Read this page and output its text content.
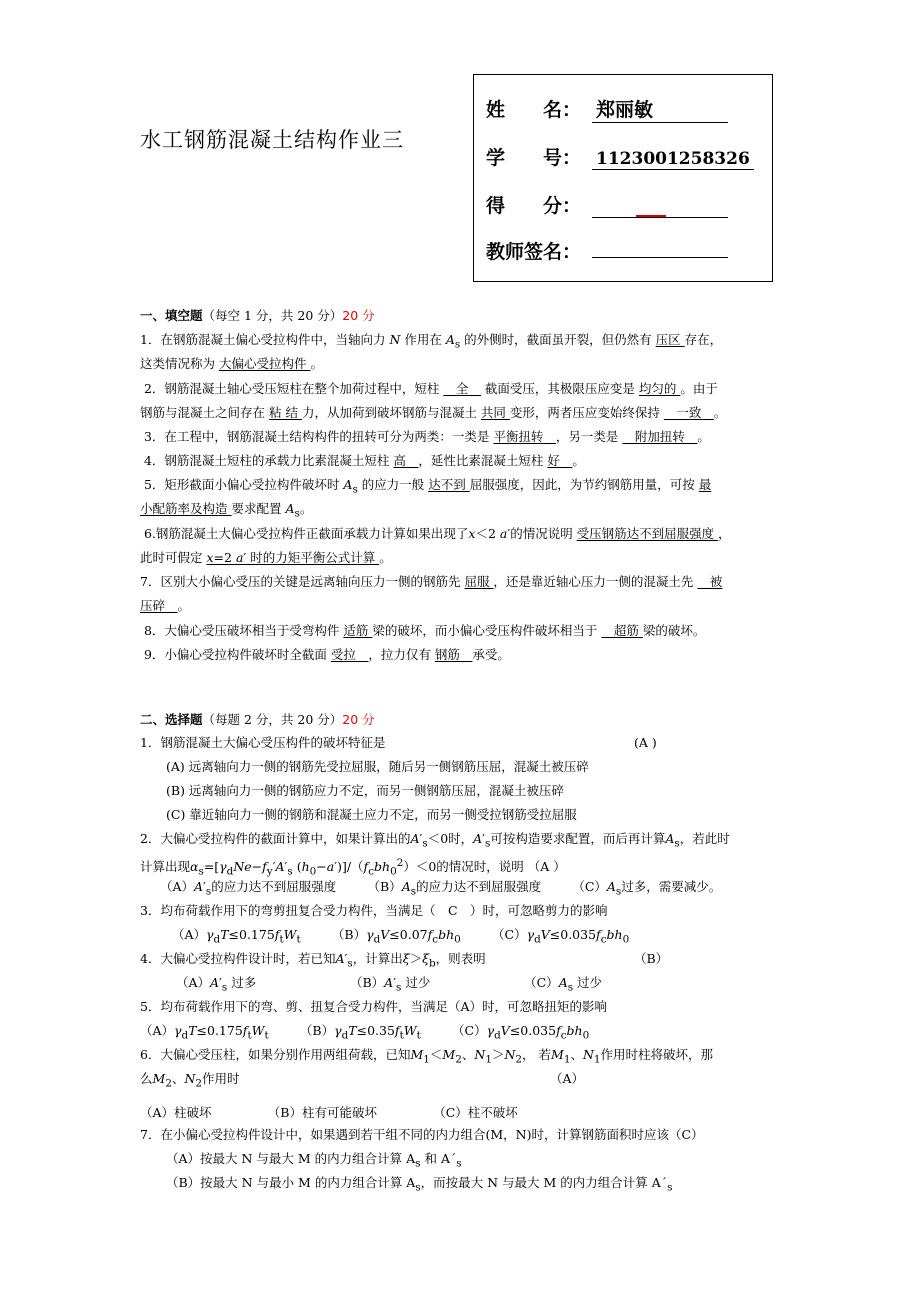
水工钢筋混凝土结构作业三
姓　　名： 郑丽敏
学　　号： 1123001258326
得　　分：
教师签名：
一、填空题（每空 1 分，共 20 分）20 分
1．在钢筋混凝土偏心受拉构件中，当轴向力 N 作用在 $A_s$ 的外侧时，截面虽开裂，但仍然有 压区 存在，
这类情况称为 大偏心受拉构件 。
2．钢筋混凝土轴心受压短柱在整个加荷过程中，短柱 　全　 截面受压，其极限压应变是 均匀的 。由于
钢筋与混凝土之间存在 粘 结 力，从加荷到破坏钢筋与混凝土 共同 变形，两者压应变始终保持 　一致　。
3．在工程中，钢筋混凝土结构构件的扭转可分为两类：一类是 平衡扭转　，另一类是 　附加扭转　。
4．钢筋混凝土短柱的承载力比素混凝土短柱 高　，延性比素混凝土短柱 好　。
5．矩形截面小偏心受拉构件破坏时 $A_s$ 的应力一般 达不到 屈服强度，因此，为节约钢筋用量，可按 最
小配筋率及构造 要求配置 $A_s$。
6.钢筋混凝土大偏心受拉构件正截面承载力计算如果出现了x＜2 a′的情况说明 受压钢筋达不到屈服强度 ，
此时可假定 x=2 a′ 时的力矩平衡公式计算 。
7．区别大小偏心受压的关键是远离轴向压力一侧的钢筋先 屈服 ，还是靠近轴心压力一侧的混凝土先 　被
压碎　。
8．大偏心受压破坏相当于受弯构件 适筋 梁的破坏，而小偏心受压构件破坏相当于 　超筋 梁的破坏。
9．小偏心受拉构件破坏时全截面 受拉　，拉力仅有 钢筋　承受。
二、选择题（每题 2 分，共 20 分）20 分
1．钢筋混凝土大偏心受压构件的破坏特征是	(A )
(A) 远离轴向力一侧的钢筋先受拉屈服，随后另一侧钢筋压屈，混凝土被压碎
(B) 远离轴向力一侧的钢筋应力不定，而另一侧钢筋压屈，混凝土被压碎
(C) 靠近轴向力一侧的钢筋和混凝土应力不定，而另一侧受拉钢筋受拉屈服
2．大偏心受拉构件的截面计算中，如果计算出的$A'_s<0$时，$A'_s$可按构造要求配置，而后再计算$A_s$，若此时
计算出现$\alpha_s=[\gamma_dNe-f_y'A'_s$ $(h_0-a')]/(f_cbh_0^2)<0$的情况时，说明 （A ）
$(A)A'_s$的应力达不到屈服强度　　　$(B)A_s$的应力达不到屈服强度　　　$(C)A_s$过多，需要减少。
3．均布荷载作用下的弯剪扭复合受力构件，当满足（　C　）时，可忽略剪力的影响
$(A)\gamma_dT\le 0.175f_tW_t$　　　$(B)\gamma_dV\le 0.07f_cbh_0$　　　$(C)\gamma_dV\le 0.035f_cbh_0$
4．大偏心受拉构件设计时，若已知$A'_s$，计算出$\xi>\xi_b$，则表明	（B）
$(A)A'_s$ 过多　　　　　　　　$(B)A'_s$ 过少　　　　　　　　$(C)A_s$ 过少
5．均布荷载作用下的弯、剪、扭复合受力构件，当满足（A）时，可忽略扭矩的影响
$(A)\gamma_dT\le 0.175f_tW_t$　　　$(B)\gamma_dT\le 0.35f_tW_t$　　　$(C)\gamma_dV\le 0.035f_cbh_0$
6．大偏心受压柱，如果分别作用两组荷载，已知$M_1<M_2$、$N_1>N_2$， 若$M_1$、$N_1$作用时柱将破坏，那
么$M_2$、$N_2$作用时	（A）
（A）柱破坏　　　　　（B）柱有可能破坏　　　　　（C）柱不破坏
7．在小偏心受拉构件设计中，如果遇到若干组不同的内力组合(M，N)时，计算钢筋面积时应该（C）
（A）按最大 N 与最大 M 的内力组合计算 $A_s$ 和 $A´_s$
（B）按最大 N 与最小 M 的内力组合计算 $A_s$，而按最大 N 与最大 M 的内力组合计算 $A´_s$
